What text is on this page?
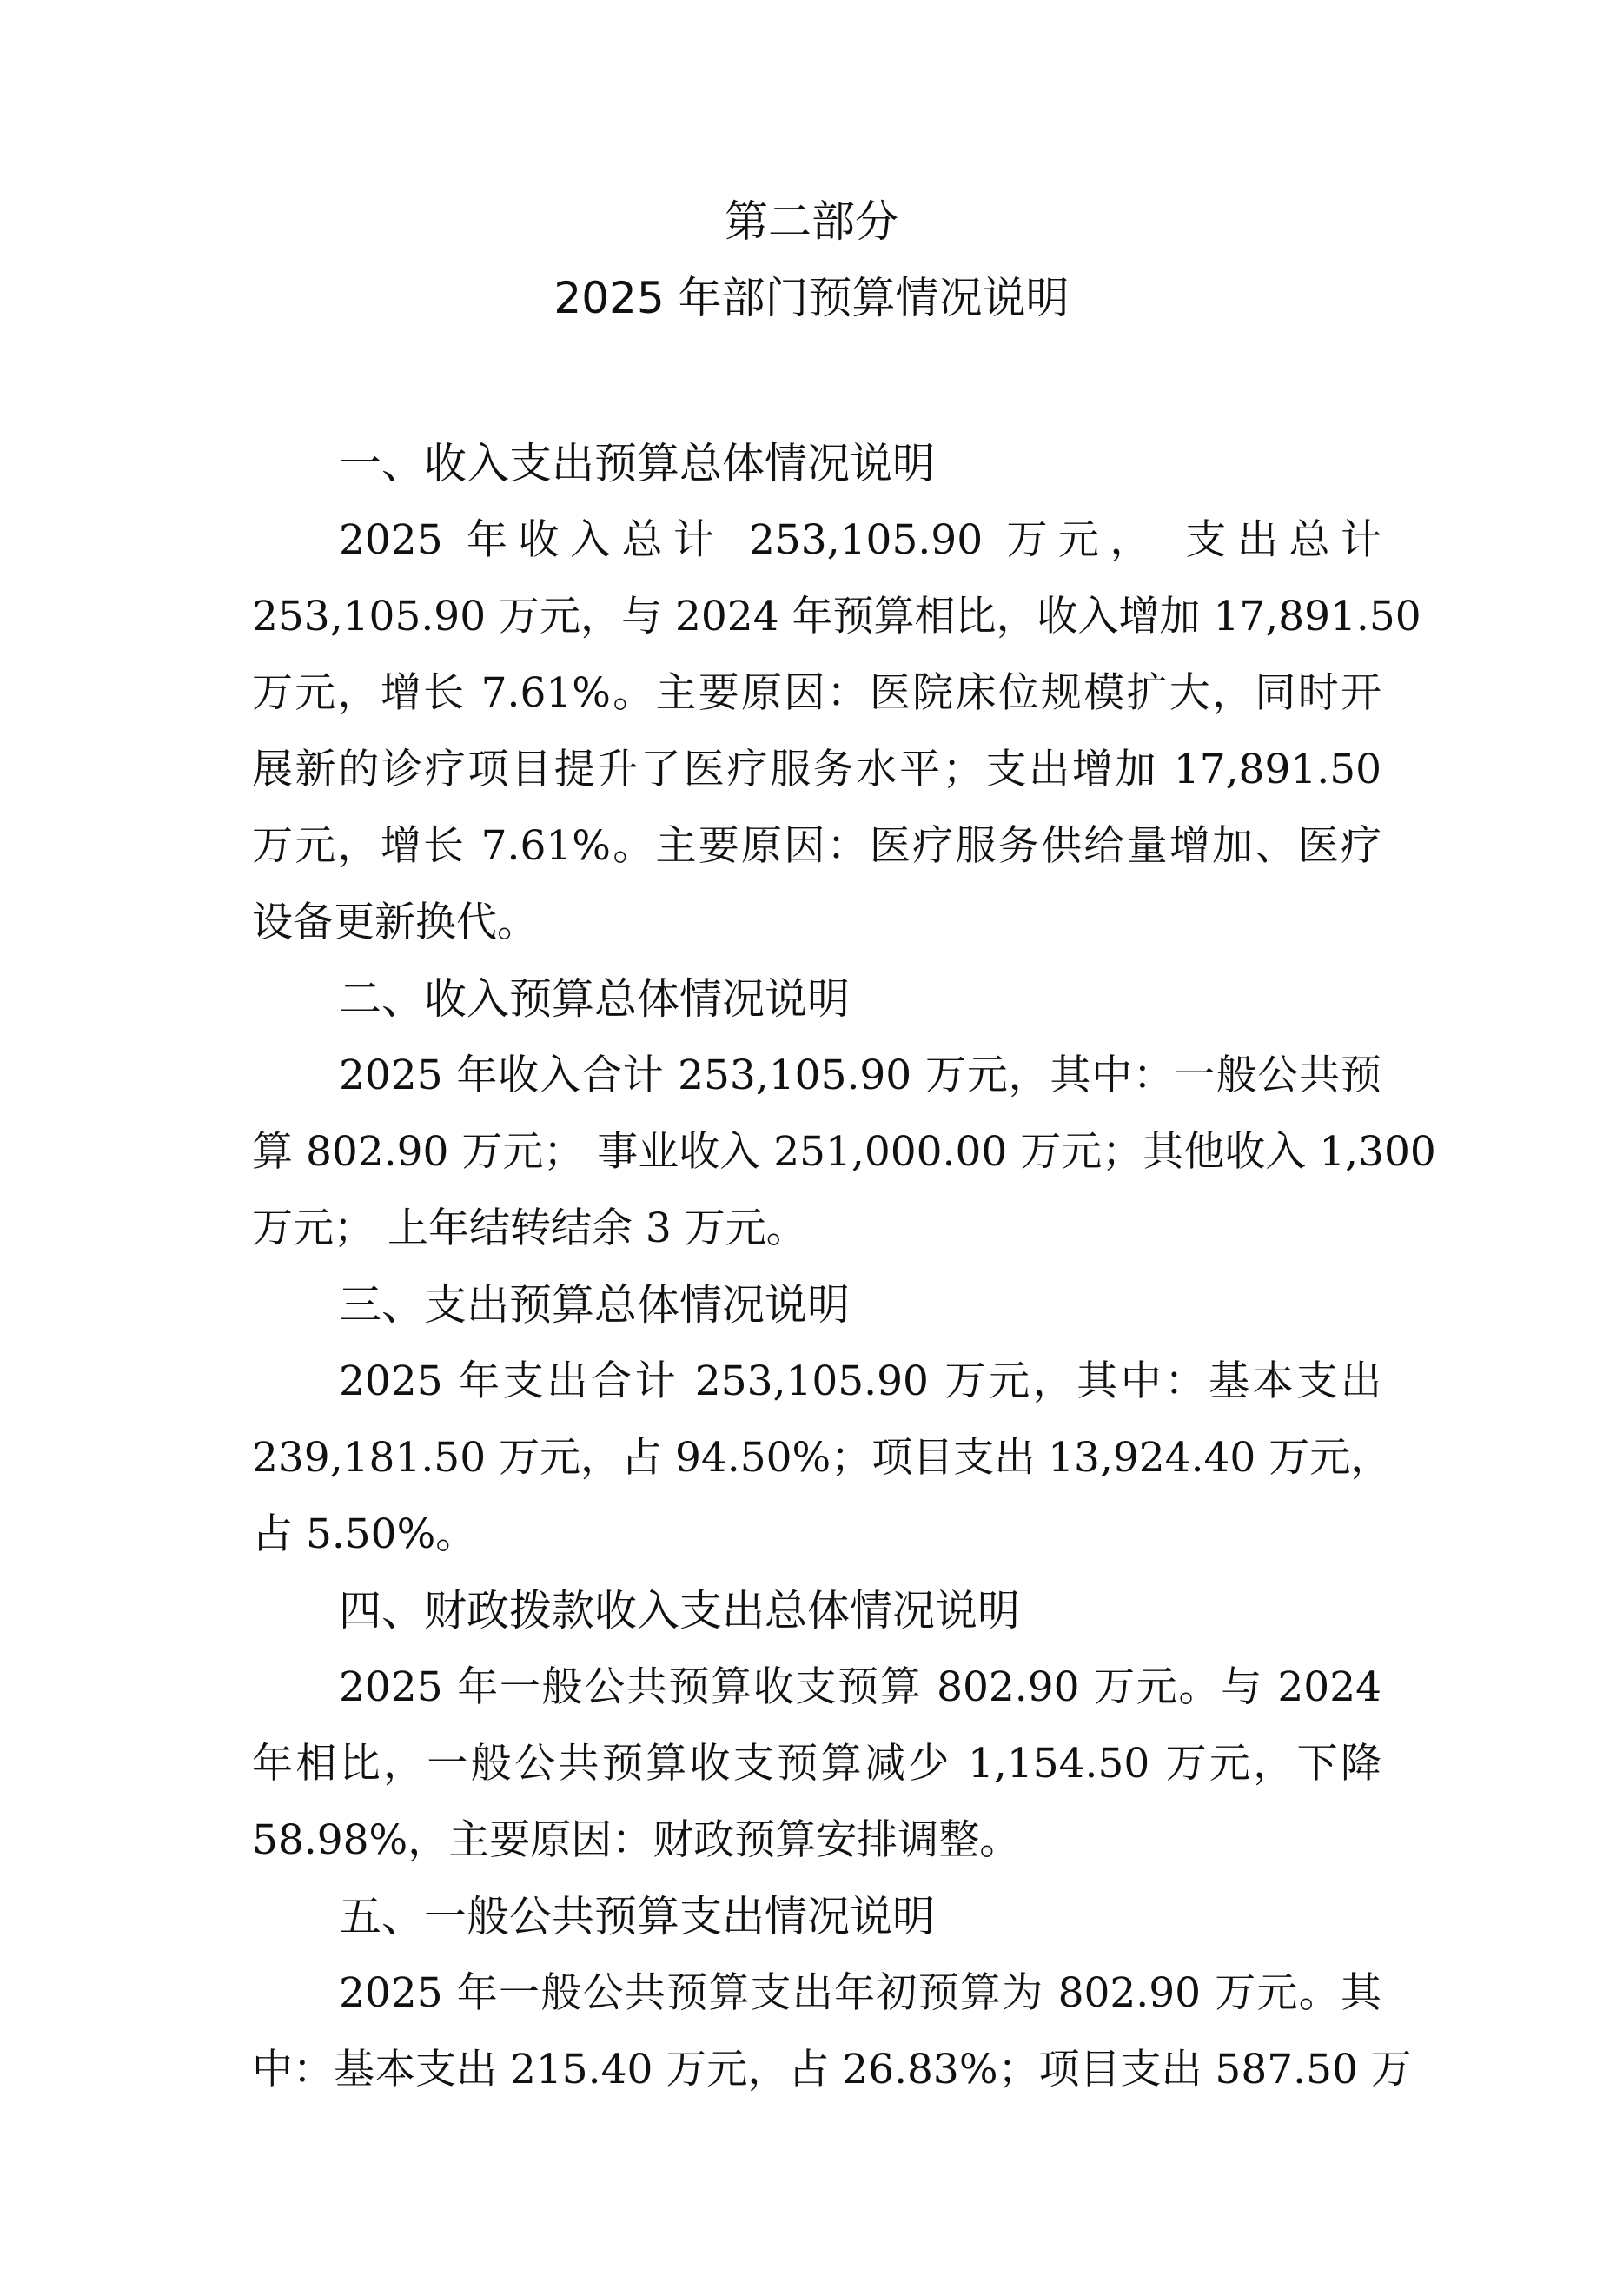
第二部分
2025 年部门预算情况说明

一、收入支出预算总体情况说明

2025 年收入总计 253,105.90 万元， 支出总计

253,105.90 万元，与 2024 年预算相比，收入增加 17,891.50

万元，增长 7.61%。主要原因：医院床位规模扩大，同时开

展新的诊疗项目提升了医疗服务水平；支出增加 17,891.50

万元，增长 7.61%。主要原因：医疗服务供给量增加、医疗

设备更新换代。

二、收入预算总体情况说明

2025 年收入合计 253,105.90 万元，其中：一般公共预

算 802.90 万元； 事业收入 251,000.00 万元；其他收入 1,300

万元； 上年结转结余 3 万元。

三、支出预算总体情况说明

2025 年支出合计 253,105.90 万元，其中：基本支出

239,181.50 万元，占 94.50%；项目支出 13,924.40 万元，

占 5.50%。

四、财政拨款收入支出总体情况说明

2025 年一般公共预算收支预算 802.90 万元。与 2024

年相比，一般公共预算收支预算减少 1,154.50 万元，下降

58.98%，主要原因：财政预算安排调整。

五、一般公共预算支出情况说明

2025 年一般公共预算支出年初预算为 802.90 万元。其

中：基本支出 215.40 万元，占 26.83%；项目支出 587.50 万
